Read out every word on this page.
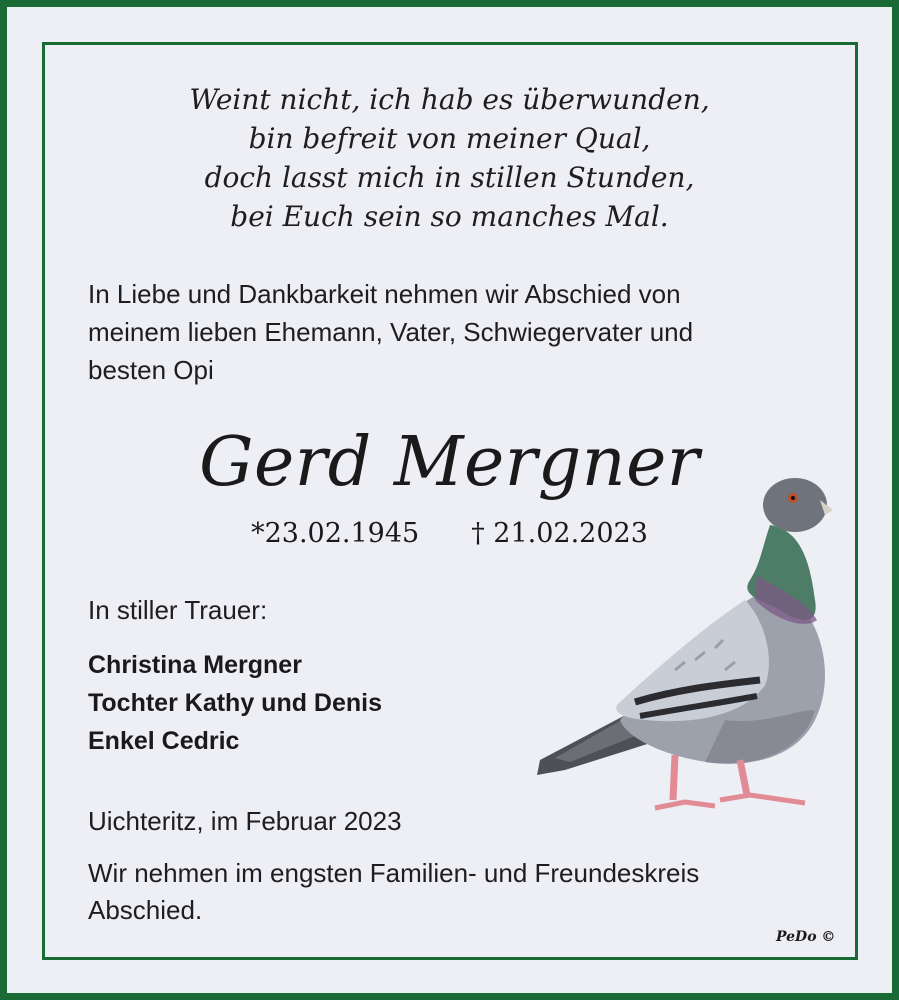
Weint nicht, ich hab es überwunden,
bin befreit von meiner Qual,
doch lasst mich in stillen Stunden,
bei Euch sein so manches Mal.
In Liebe und Dankbarkeit nehmen wir Abschied von
meinem lieben Ehemann, Vater, Schwiegervater und
besten Opi
Gerd Mergner
*23.02.1945 † 21.02.2023
In stiller Trauer:
Christina Mergner
Tochter Kathy und Denis
Enkel Cedric
Uichteritz, im Februar 2023
Wir nehmen im engsten Familien- und Freundeskreis
Abschied.
PeDo ©
